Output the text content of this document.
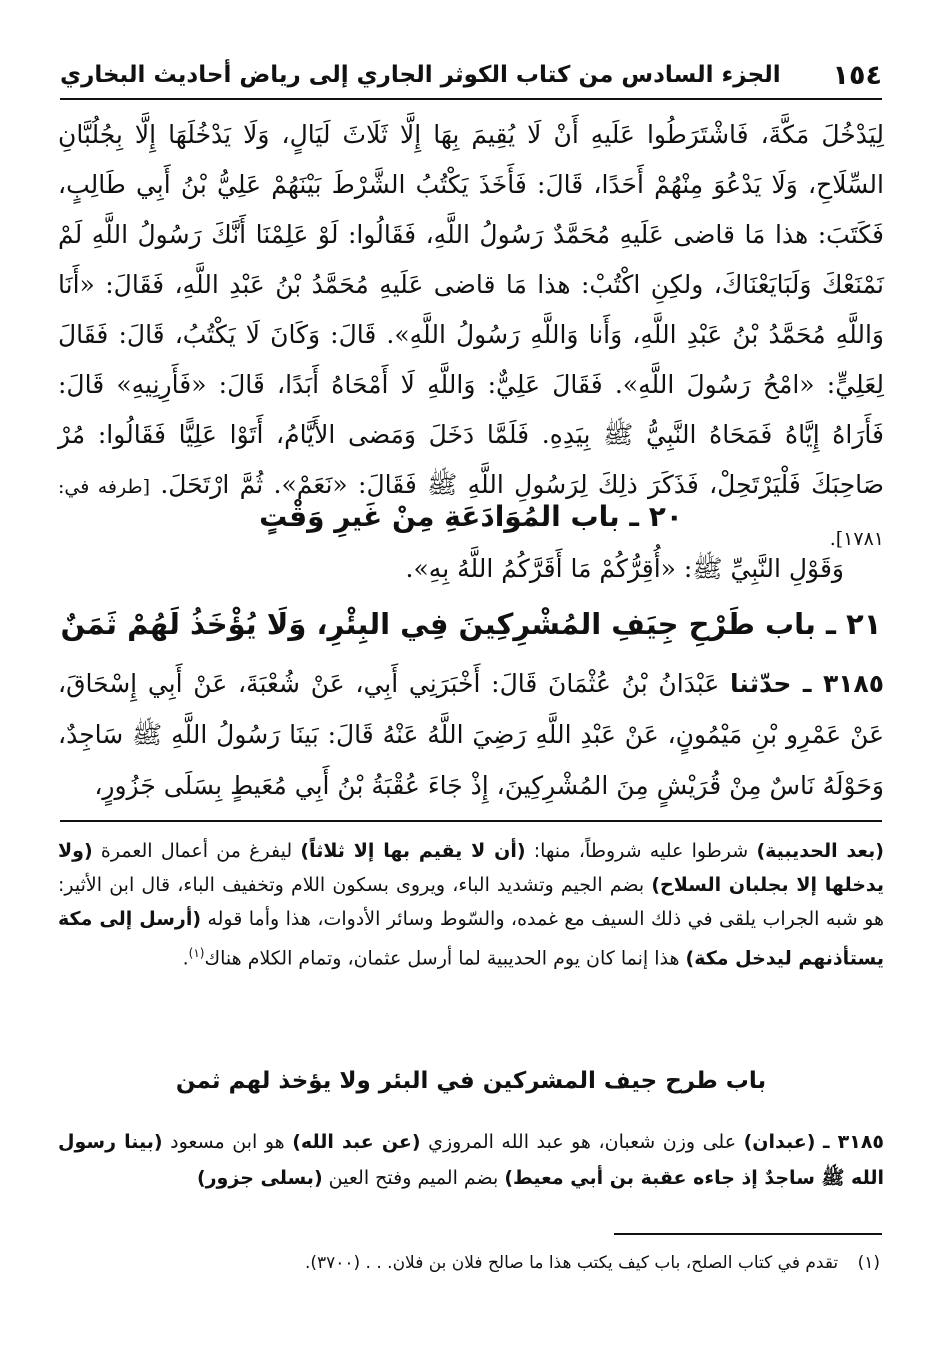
١٥٤
الجزء السادس من كتاب الكوثر الجاري إلى رياض أحاديث البخاري
لِيَدْخُلَ مَكَّةَ، فَاشْتَرَطُوا عَلَيهِ أَنْ لَا يُقِيمَ بِهَا إِلَّا ثَلَاثَ لَيَالٍ، وَلَا يَدْخُلَهَا إِلَّا بِجُلُبَّانِ السِّلَاحِ، وَلَا يَدْعُوَ مِنْهُمْ أَحَدًا، قَالَ: فَأَخَذَ يَكْتُبُ الشَّرْطَ بَيْنَهُمْ عَلِيُّ بْنُ أَبِي طَالِبٍ، فَكَتَبَ: هذا مَا قاضى عَلَيهِ مُحَمَّدٌ رَسُولُ اللَّهِ، فَقَالُوا: لَوْ عَلِمْنَا أَنَّكَ رَسُولُ اللَّهِ لَمْ نَمْنَعْكَ وَلَبَايَعْنَاكَ، ولكِنِ اكْتُبْ: هذا مَا قاضى عَلَيهِ مُحَمَّدُ بْنُ عَبْدِ اللَّهِ، فَقَالَ: «أَنَا وَاللَّهِ مُحَمَّدُ بْنُ عَبْدِ اللَّهِ، وَأَنا وَاللَّهِ رَسُولُ اللَّهِ». قَالَ: وَكَانَ لَا يَكْتُبُ، قَالَ: فَقَالَ لِعَلِيٍّ: «امْحُ رَسُولَ اللَّهِ». فَقَالَ عَلِيٌّ: وَاللَّهِ لَا أَمْحَاهُ أَبَدًا، قَالَ: «فَأَرِنِيهِ» قَالَ: فَأَرَاهُ إِيَّاهُ فَمَحَاهُ النَّبِيُّ ﷺ بِيَدِهِ. فَلَمَّا دَخَلَ وَمَضى الأَيَّامُ، أَتَوْا عَلِيًّا فَقَالُوا: مُرْ صَاحِبَكَ فَلْيَرْتَحِلْ، فَذَكَرَ ذلِكَ لِرَسُولِ اللَّهِ ﷺ فَقَالَ: «نَعَمْ». ثُمَّ ارْتَحَلَ. [طرفه في: ١٧٨١].
٢٠ ـ باب المُوَادَعَةِ مِنْ غَيرِ وَقْتٍ
وَقَوْلِ النَّبِيِّ ﷺ: «أُقِرُّكُمْ مَا أَقَرَّكُمُ اللَّهُ بِهِ».
٢١ ـ باب طَرْحِ جِيَفِ المُشْرِكِينَ فِي البِئْرِ، وَلَا يُؤْخَذُ لَهُمْ ثَمَنٌ
٣١٨٥ ـ حدّثنا عَبْدَانُ بْنُ عُثْمَانَ قَالَ: أَخْبَرَنِي أَبِي، عَنْ شُعْبَةَ، عَنْ أَبِي إِسْحَاقَ، عَنْ عَمْرِو بْنِ مَيْمُونٍ، عَنْ عَبْدِ اللَّهِ رَضِيَ اللَّهُ عَنْهُ قَالَ: بَينَا رَسُولُ اللَّهِ ﷺ سَاجِدٌ، وَحَوْلَهُ نَاسٌ مِنْ قُرَيْشٍ مِنَ المُشْرِكِينَ، إِذْ جَاءَ عُقْبَةُ بْنُ أَبِي مُعَيطٍ بِسَلَى جَزُورٍ،
(بعد الحديبية) شرطوا عليه شروطاً، منها: (أن لا يقيم بها إلا ثلاثاً) ليفرغ من أعمال العمرة (ولا يدخلها إلا بجلبان السلاح) بضم الجيم وتشديد الباء، ويروى بسكون اللام وتخفيف الباء، قال ابن الأثير: هو شبه الجراب يلقى في ذلك السيف مع غمده، والسّوط وسائر الأدوات، هذا وأما قوله (أرسل إلى مكة يستأذنهم ليدخل مكة) هذا إنما كان يوم الحديبية لما أرسل عثمان، وتمام الكلام هناك$^{(١)}$.
باب طرح جيف المشركين في البئر ولا يؤخذ لهم ثمن
٣١٨٥ ـ (عبدان) على وزن شعبان، هو عبد الله المروزي (عن عبد الله) هو ابن مسعود (بينا رسول الله ﷺ ساجدٌ إذ جاءه عقبة بن أبي معيط) بضم الميم وفتح العين (بسلى جزور)
(١) تقدم في كتاب الصلح، باب كيف يكتب هذا ما صالح فلان بن فلان. . . (٣٧٠٠).
